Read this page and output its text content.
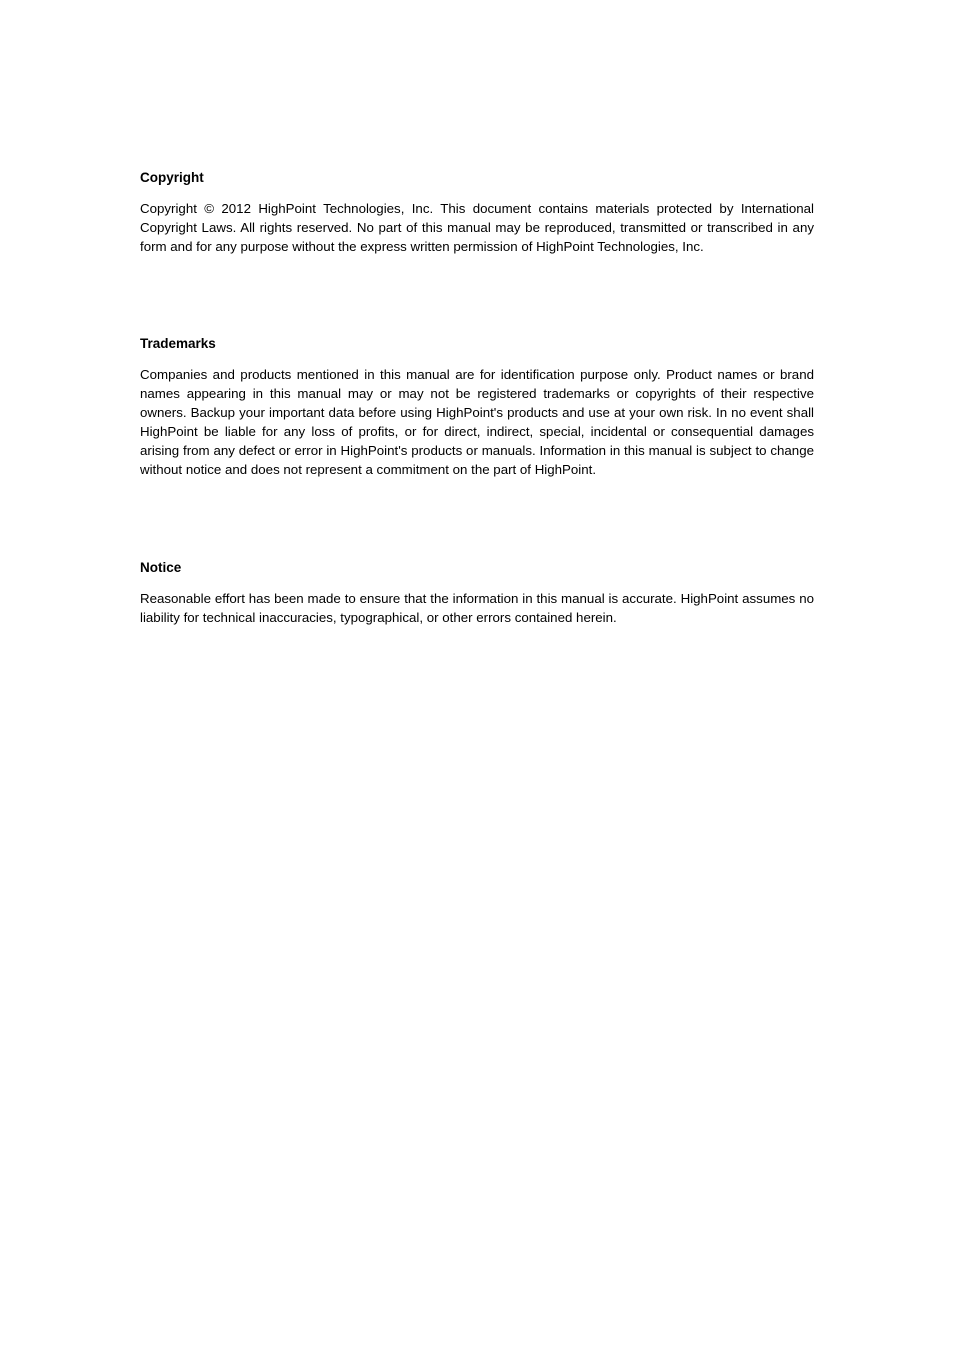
Copyright

Copyright © 2012 HighPoint Technologies, Inc. This document contains materials protected by International Copyright Laws. All rights reserved. No part of this manual may be reproduced, transmitted or transcribed in any form and for any purpose without the express written permission of HighPoint Technologies, Inc.

Trademarks

Companies and products mentioned in this manual are for identification purpose only. Product names or brand names appearing in this manual may or may not be registered trademarks or copyrights of their respective owners. Backup your important data before using HighPoint's products and use at your own risk. In no event shall HighPoint be liable for any loss of profits, or for direct, indirect, special, incidental or consequential damages arising from any defect or error in HighPoint's products or manuals. Information in this manual is subject to change without notice and does not represent a commitment on the part of HighPoint.

Notice

Reasonable effort has been made to ensure that the information in this manual is accurate. HighPoint assumes no liability for technical inaccuracies, typographical, or other errors contained herein.
